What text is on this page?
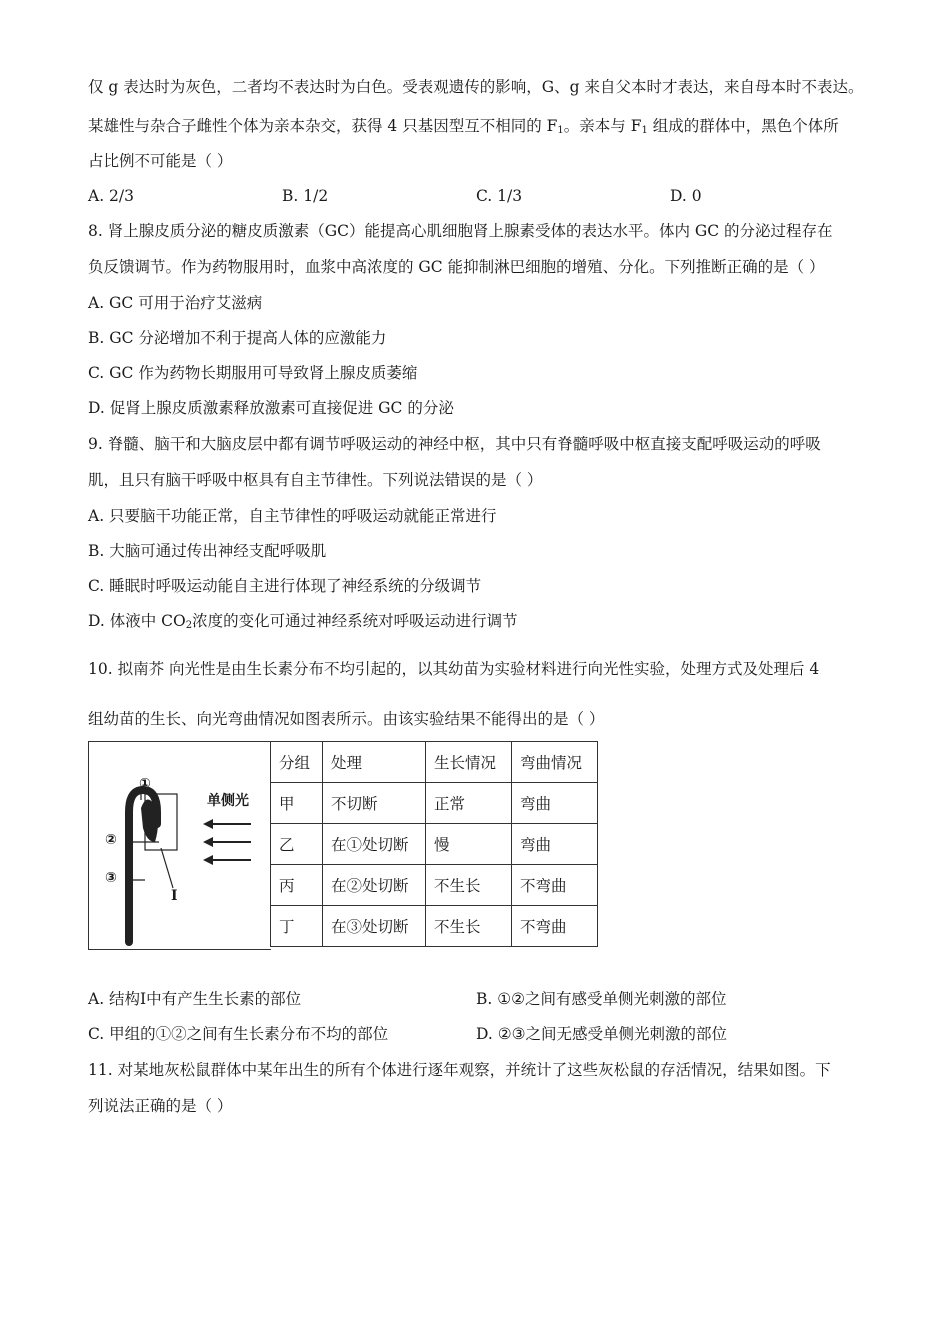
仅 g 表达时为灰色，二者均不表达时为白色。受表观遗传的影响，G、g 来自父本时才表达，来自母本时不表达。
某雄性与杂合子雌性个体为亲本杂交，获得 4 只基因型互不相同的 $F_1$。亲本与 $F_1$ 组成的群体中，黑色个体所
占比例不可能是（ ）
A. 2/3	B. 1/2	C. 1/3	D. 0
8. 肾上腺皮质分泌的糖皮质激素（GC）能提高心肌细胞肾上腺素受体的表达水平。体内 GC 的分泌过程存在
负反馈调节。作为药物服用时，血浆中高浓度的 GC 能抑制淋巴细胞的增殖、分化。下列推断正确的是（ ）
A. GC 可用于治疗艾滋病
B. GC 分泌增加不利于提高人体的应激能力
C. GC 作为药物长期服用可导致肾上腺皮质萎缩
D. 促肾上腺皮质激素释放激素可直接促进 GC 的分泌
9. 脊髓、脑干和大脑皮层中都有调节呼吸运动的神经中枢，其中只有脊髓呼吸中枢直接支配呼吸运动的呼吸
肌，且只有脑干呼吸中枢具有自主节律性。下列说法错误的是（ ）
A. 只要脑干功能正常，自主节律性的呼吸运动就能正常进行
B. 大脑可通过传出神经支配呼吸肌
C. 睡眠时呼吸运动能自主进行体现了神经系统的分级调节
D. 体液中 $CO_2$浓度的变化可通过神经系统对呼吸运动进行调节
10. 拟南芥 向光性是由生长素分布不均引起的，以其幼苗为实验材料进行向光性实验，处理方式及处理后 4
组幼苗的生长、向光弯曲情况如图表所示。由该实验结果不能得出的是（ ）
①
②
③
Ⅰ
单侧光
分组	处理	生长情况	弯曲情况
甲	不切断	正常	弯曲
乙	在①处切断	慢	弯曲
丙	在②处切断	不生长	不弯曲
丁	在③处切断	不生长	不弯曲
A. 结构Ⅰ中有产生生长素的部位	B. ①②之间有感受单侧光刺激的部位
C. 甲组的①②之间有生长素分布不均的部位	D. ②③之间无感受单侧光刺激的部位
11. 对某地灰松鼠群体中某年出生的所有个体进行逐年观察，并统计了这些灰松鼠的存活情况，结果如图。下
列说法正确的是（ ）
